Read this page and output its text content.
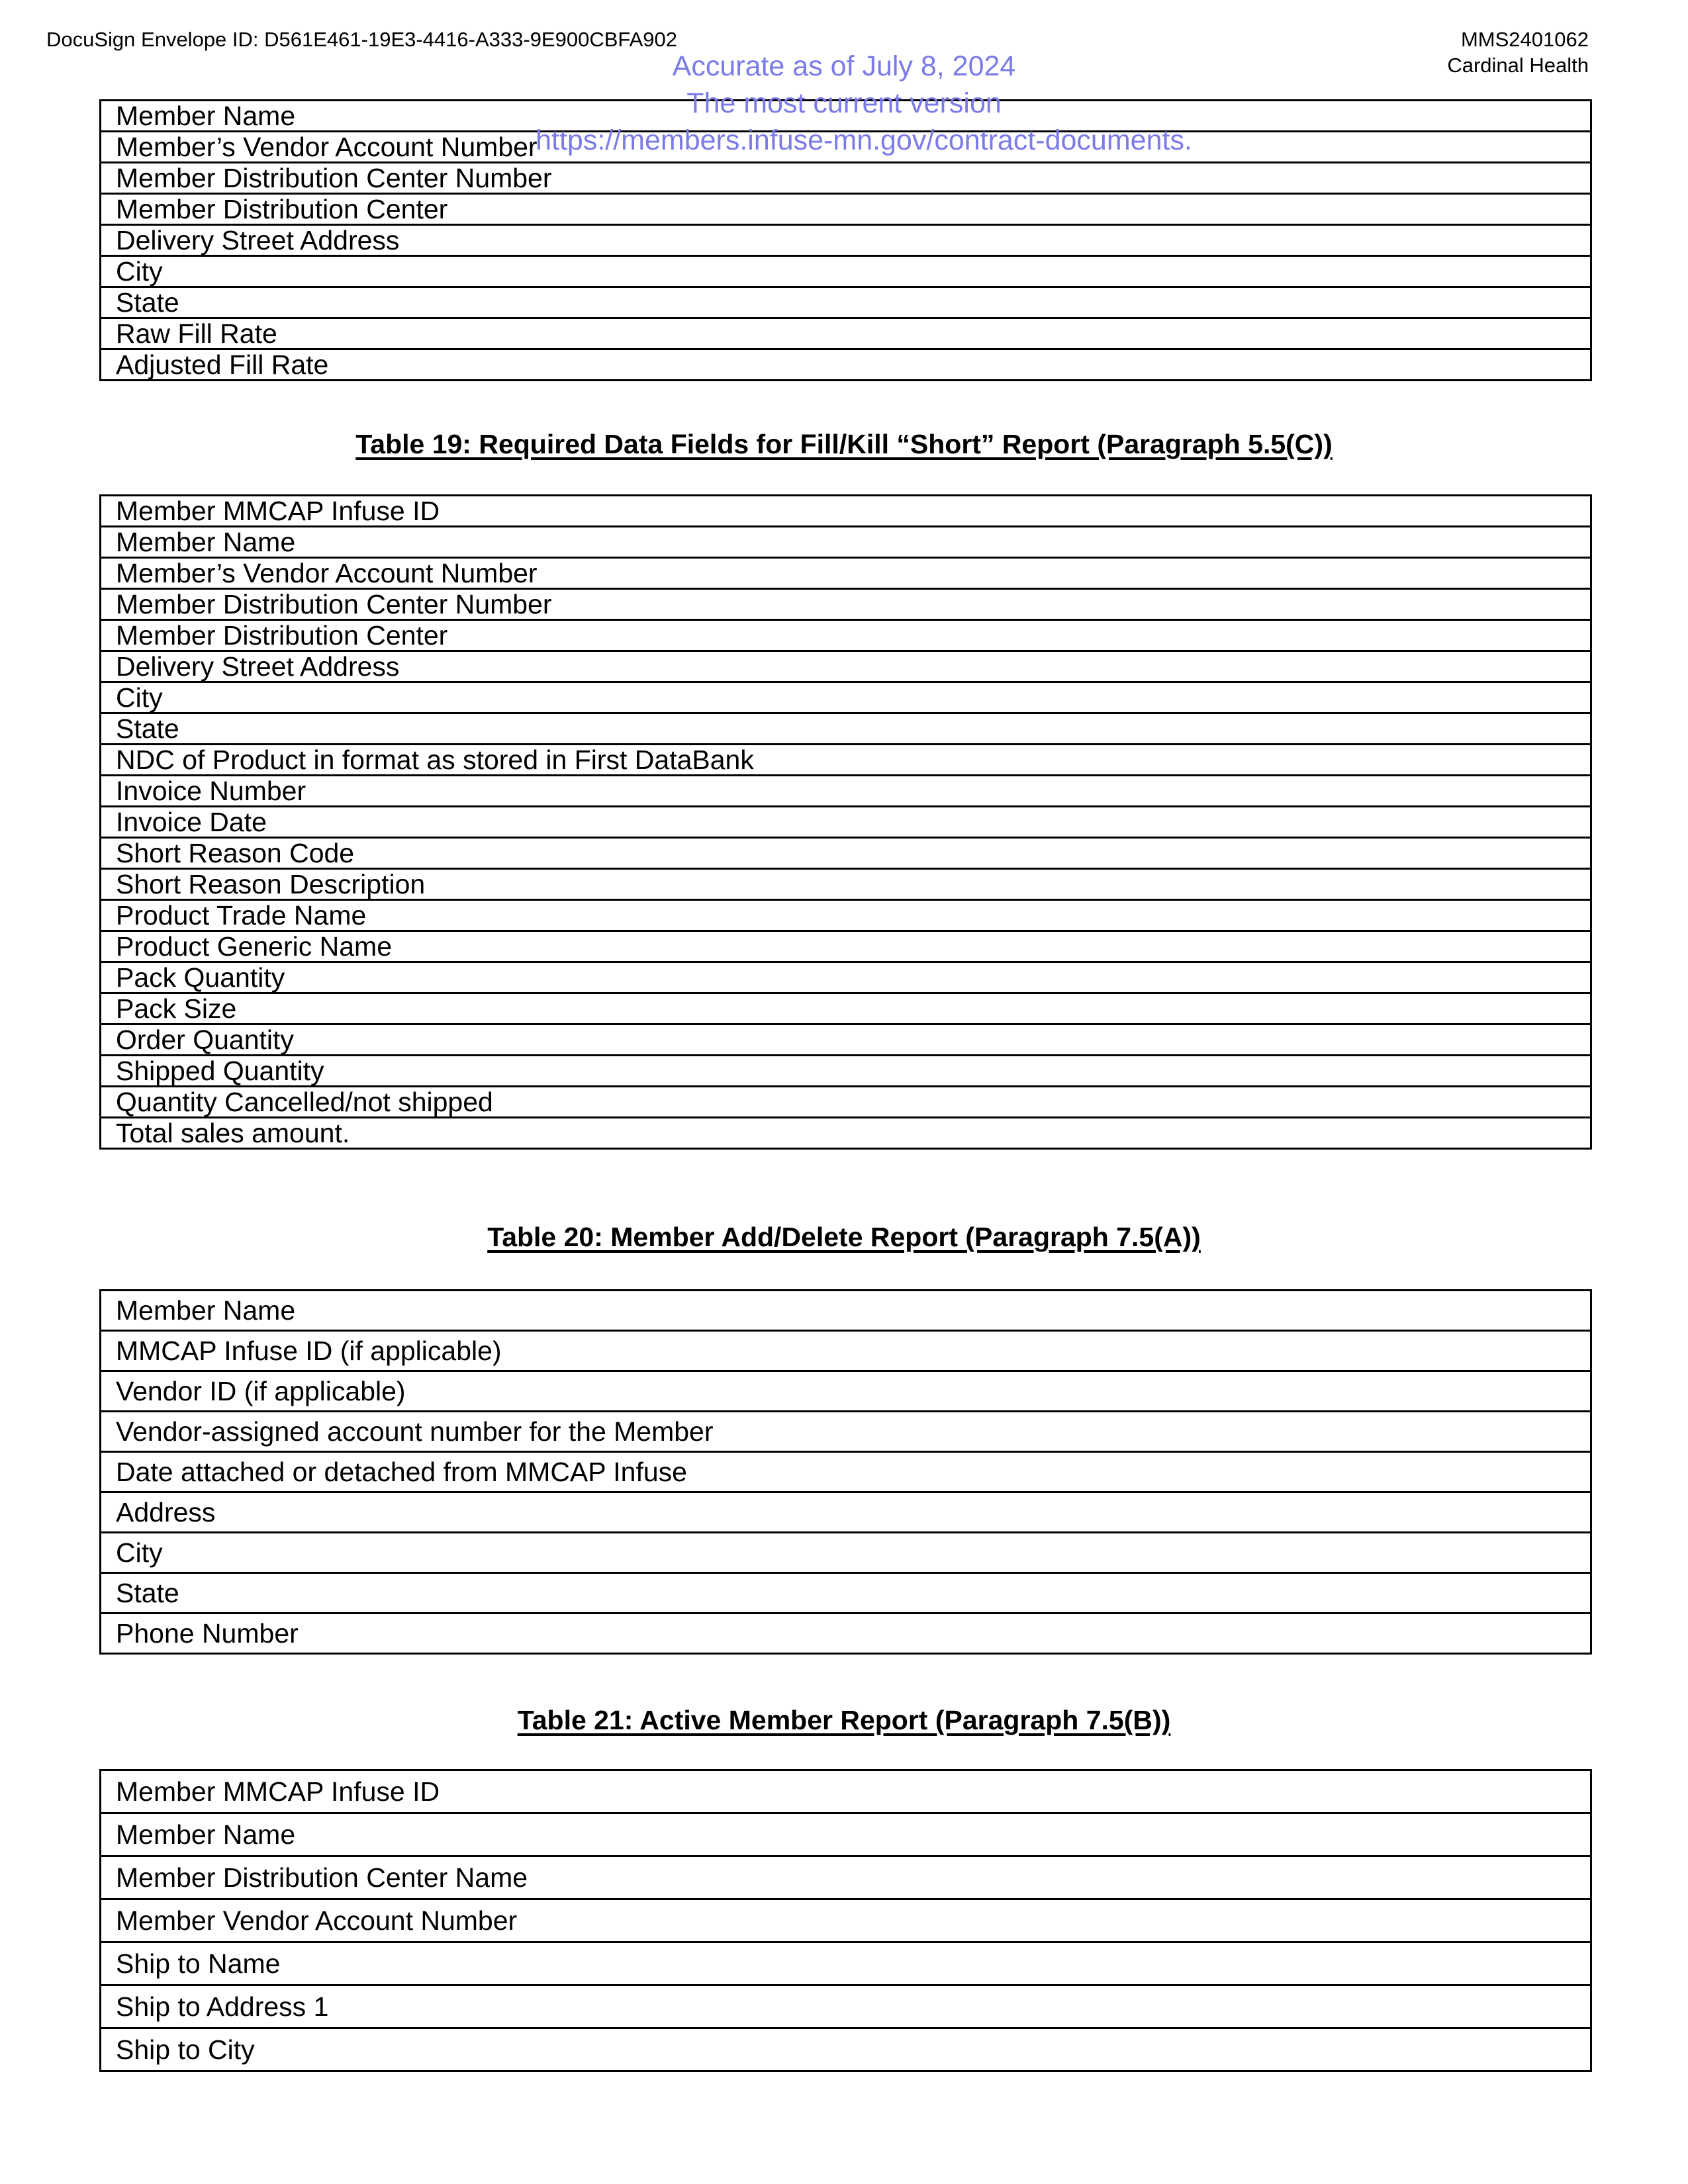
DocuSign Envelope ID: D561E461-19E3-4416-A333-9E900CBFA902	MMS2401062
Cardinal Health
Accurate as of July 8, 2024
The most current version
https://members.infuse-mn.gov/contract-documents.
Member Name
Member’s Vendor Account Number
Member Distribution Center Number
Member Distribution Center
Delivery Street Address
City
State
Raw Fill Rate
Adjusted Fill Rate
Table 19: Required Data Fields for Fill/Kill “Short” Report (Paragraph 5.5(C))
Member MMCAP Infuse ID
Member Name
Member’s Vendor Account Number
Member Distribution Center Number
Member Distribution Center
Delivery Street Address
City
State
NDC of Product in format as stored in First DataBank
Invoice Number
Invoice Date
Short Reason Code
Short Reason Description
Product Trade Name
Product Generic Name
Pack Quantity
Pack Size
Order Quantity
Shipped Quantity
Quantity Cancelled/not shipped
Total sales amount.
Table 20: Member Add/Delete Report (Paragraph 7.5(A))
Member Name
MMCAP Infuse ID (if applicable)
Vendor ID (if applicable)
Vendor-assigned account number for the Member
Date attached or detached from MMCAP Infuse
Address
City
State
Phone Number
Table 21: Active Member Report (Paragraph 7.5(B))
Member MMCAP Infuse ID
Member Name
Member Distribution Center Name
Member Vendor Account Number
Ship to Name
Ship to Address 1
Ship to City
